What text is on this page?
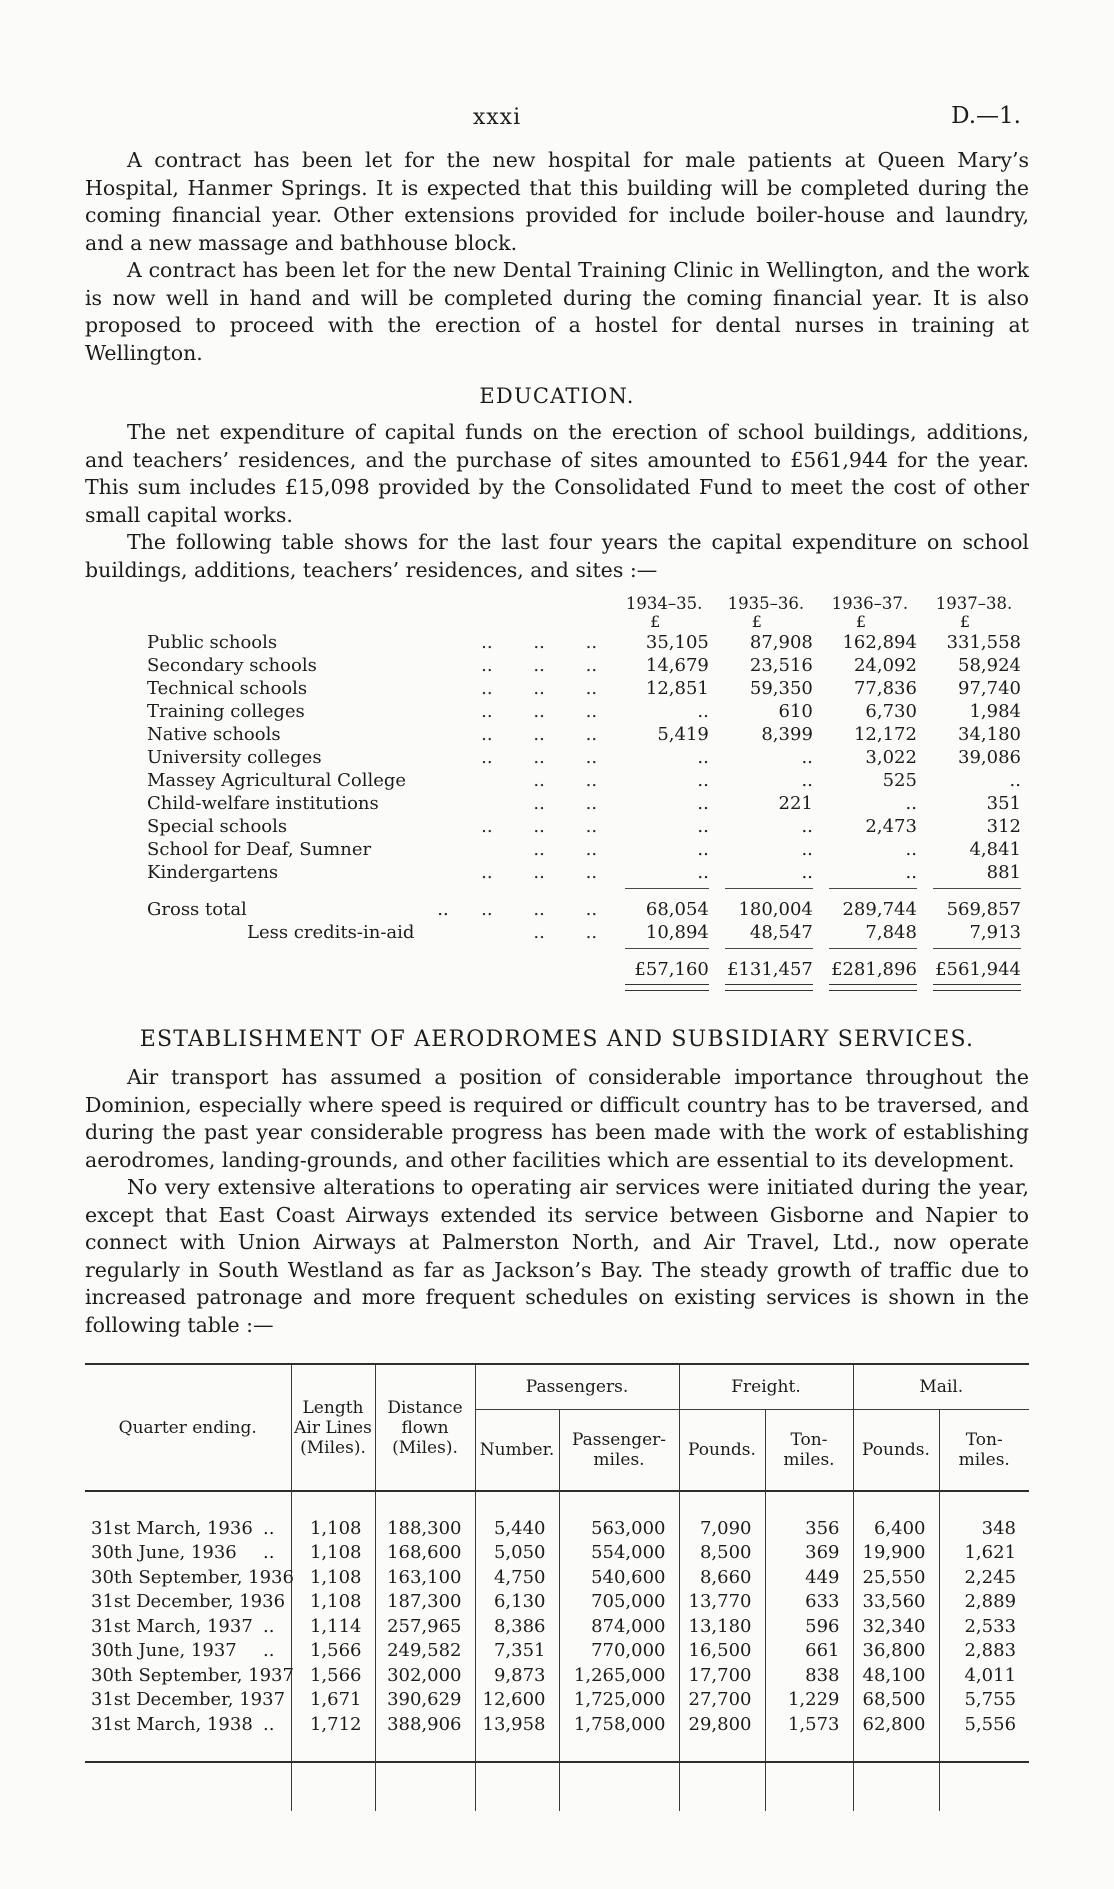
xxxi	D.—1.

A contract has been let for the new hospital for male patients at Queen Mary’s Hospital, Hanmer Springs. It is expected that this building will be completed during the coming financial year. Other extensions provided for include boiler-house and laundry, and a new massage and bathhouse block.

A contract has been let for the new Dental Training Clinic in Wellington, and the work is now well in hand and will be completed during the coming financial year. It is also proposed to proceed with the erection of a hostel for dental nurses in training at Wellington.

EDUCATION.

The net expenditure of capital funds on the erection of school buildings, additions, and teachers’ residences, and the purchase of sites amounted to £561,944 for the year. This sum includes £15,098 provided by the Consolidated Fund to meet the cost of other small capital works.

The following table shows for the last four years the capital expenditure on school buildings, additions, teachers’ residences, and sites :—

				1934–35.	1935–36.	1936–37.	1937–38.
				£	£	£	£
Public schools	..	..	..	35,105	87,908	162,894	331,558
Secondary schools	..	..	..	14,679	23,516	24,092	58,924
Technical schools	..	..	..	12,851	59,350	77,836	97,740
Training colleges	..	..	..	..	610	6,730	1,984
Native schools	..	..	..	5,419	8,399	12,172	34,180
University colleges	..	..	..	..	..	3,022	39,086
Massey Agricultural College		..	..	..	..	525	..
Child-welfare institutions		..	..	..	221	..	351
Special schools	..	..	..	..	..	2,473	312
School for Deaf, Sumner		..	..	..	..	..	4,841
Kindergartens	..	..	..	..	..	..	881

Gross total ..	..	..	..	68,054	180,004	289,744	569,857
Less credits-in-aid		..	..	10,894	48,547	7,848	7,913

				£57,160	£131,457	£281,896	£561,944

ESTABLISHMENT OF AERODROMES AND SUBSIDIARY SERVICES.

Air transport has assumed a position of considerable importance throughout the Dominion, especially where speed is required or difficult country has to be traversed, and during the past year considerable progress has been made with the work of establishing aerodromes, landing-grounds, and other facilities which are essential to its development.

No very extensive alterations to operating air services were initiated during the year, except that East Coast Airways extended its service between Gisborne and Napier to connect with Union Airways at Palmerston North, and Air Travel, Ltd., now operate regularly in South Westland as far as Jackson’s Bay. The steady growth of traffic due to increased patronage and more frequent schedules on existing services is shown in the following table :—

Quarter ending.	Length
Air Lines
(Miles).	Distance
flown
(Miles).	Passengers.		Freight.		Mail.	
			Number.	Passenger-
miles.	Pounds.	Ton-miles.	Pounds.	Ton-miles.

31st March, 1936 ..	1,108	188,300	5,440	563,000	7,090	356	6,400	348

30th June, 1936 ..	1,108	168,600	5,050	554,000	8,500	369	19,900	1,621

30th September, 1936	1,108	163,100	4,750	540,600	8,660	449	25,550	2,245

31st December, 1936	1,108	187,300	6,130	705,000	13,770	633	33,560	2,889

31st March, 1937 ..	1,114	257,965	8,386	874,000	13,180	596	32,340	2,533

30th June, 1937 ..	1,566	249,582	7,351	770,000	16,500	661	36,800	2,883

30th September, 1937	1,566	302,000	9,873	1,265,000	17,700	838	48,100	4,011

31st December, 1937	1,671	390,629	12,600	1,725,000	27,700	1,229	68,500	5,755

31st March, 1938 ..	1,712	388,906	13,958	1,758,000	29,800	1,573	62,800	5,556
